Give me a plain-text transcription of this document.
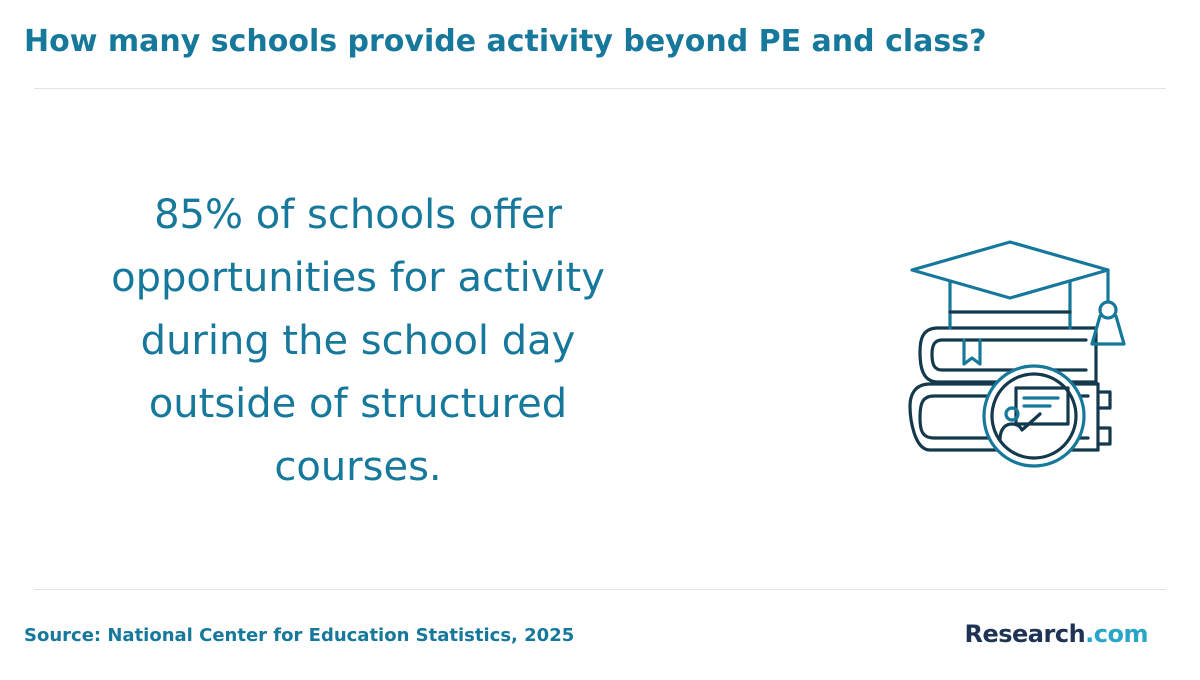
How many schools provide activity beyond PE and class?
85% of schools offer opportunities for activity during the school day outside of structured courses.
Source: National Center for Education Statistics, 2025	Research.com
